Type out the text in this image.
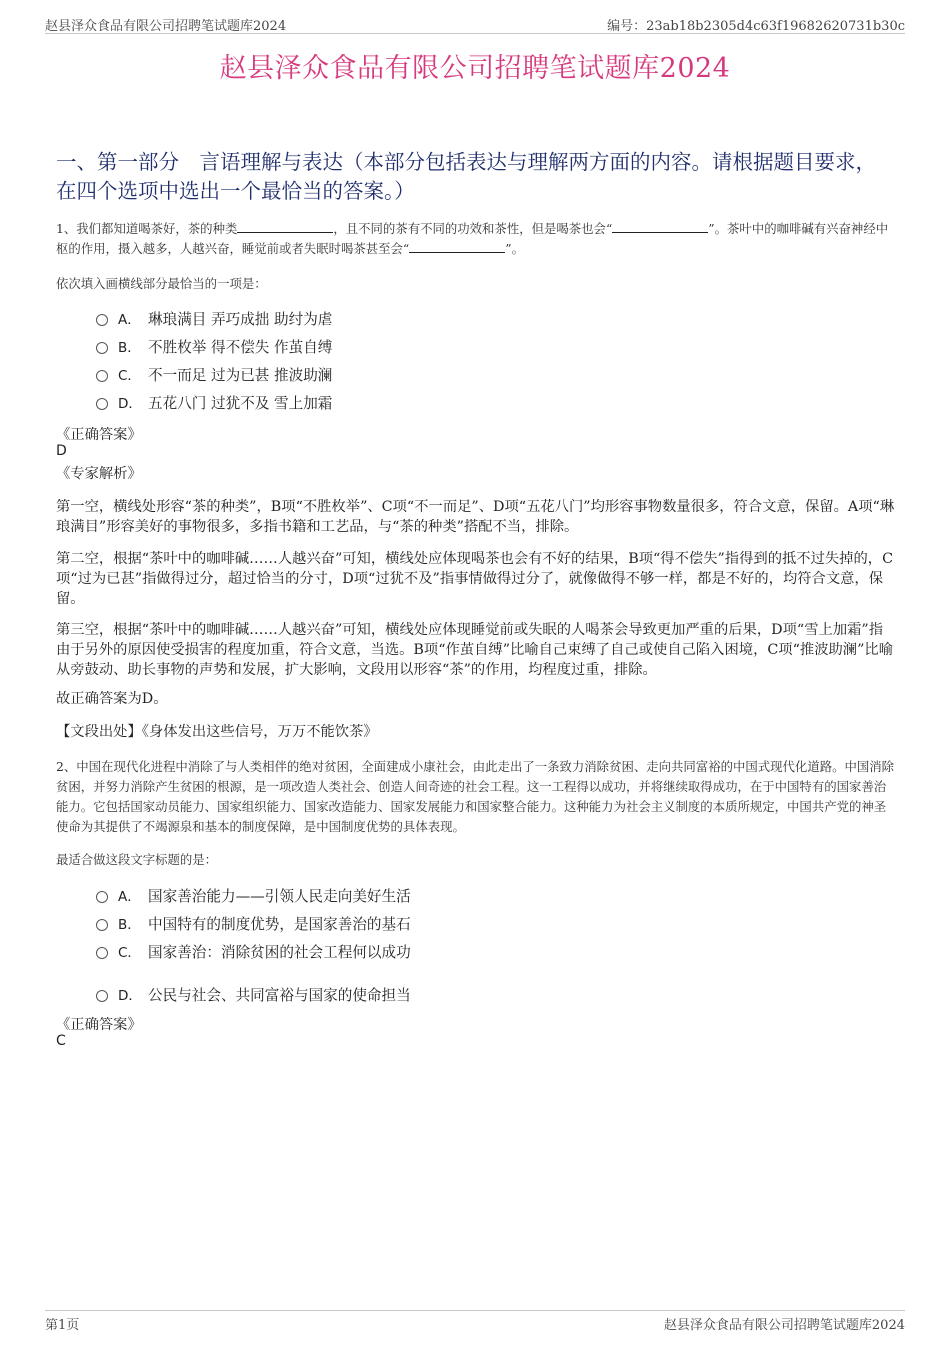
赵县泽众食品有限公司招聘笔试题库2024	编号：23ab18b2305d4c63f19682620731b30c
赵县泽众食品有限公司招聘笔试题库2024
一、第一部分　言语理解与表达（本部分包括表达与理解两方面的内容。请根据题目要求，在四个选项中选出一个最恰当的答案。）
1、我们都知道喝茶好，茶的种类	，且不同的茶有不同的功效和茶性，但是喝茶也会“	”。茶叶中的咖啡碱有兴奋神经中枢的作用，摄入越多，人越兴奋，睡觉前或者失眠时喝茶甚至会“	”。
依次填入画横线部分最恰当的一项是：
A． 琳琅满目 弄巧成拙 助纣为虐
B． 不胜枚举 得不偿失 作茧自缚
C． 不一而足 过为已甚 推波助澜
D． 五花八门 过犹不及 雪上加霜
《正确答案》
D
《专家解析》
第一空，横线处形容“茶的种类”，B项“不胜枚举”、C项“不一而足”、D项“五花八门”均形容事物数量很多，符合文意，保留。A项“琳琅满目”形容美好的事物很多，多指书籍和工艺品，与“茶的种类”搭配不当，排除。
第二空，根据“茶叶中的咖啡碱……人越兴奋”可知，横线处应体现喝茶也会有不好的结果，B项“得不偿失”指得到的抵不过失掉的，C项“过为已甚”指做得过分，超过恰当的分寸，D项“过犹不及”指事情做得过分了，就像做得不够一样，都是不好的，均符合文意，保留。
第三空，根据“茶叶中的咖啡碱……人越兴奋”可知，横线处应体现睡觉前或失眠的人喝茶会导致更加严重的后果，D项“雪上加霜”指由于另外的原因使受损害的程度加重，符合文意，当选。B项“作茧自缚”比喻自己束缚了自己或使自己陷入困境，C项“推波助澜”比喻从旁鼓动、助长事物的声势和发展，扩大影响，文段用以形容“茶”的作用，均程度过重，排除。
故正确答案为D。
【文段出处】《身体发出这些信号，万万不能饮茶》
2、中国在现代化进程中消除了与人类相伴的绝对贫困，全面建成小康社会，由此走出了一条致力消除贫困、走向共同富裕的中国式现代化道路。中国消除贫困，并努力消除产生贫困的根源，是一项改造人类社会、创造人间奇迹的社会工程。这一工程得以成功，并将继续取得成功，在于中国特有的国家善治能力。它包括国家动员能力、国家组织能力、国家改造能力、国家发展能力和国家整合能力。这种能力为社会主义制度的本质所规定，中国共产党的神圣使命为其提供了不竭源泉和基本的制度保障，是中国制度优势的具体表现。
最适合做这段文字标题的是：
A． 国家善治能力——引领人民走向美好生活
B． 中国特有的制度优势，是国家善治的基石
C． 国家善治：消除贫困的社会工程何以成功
D． 公民与社会、共同富裕与国家的使命担当
《正确答案》
C
第1页	赵县泽众食品有限公司招聘笔试题库2024
